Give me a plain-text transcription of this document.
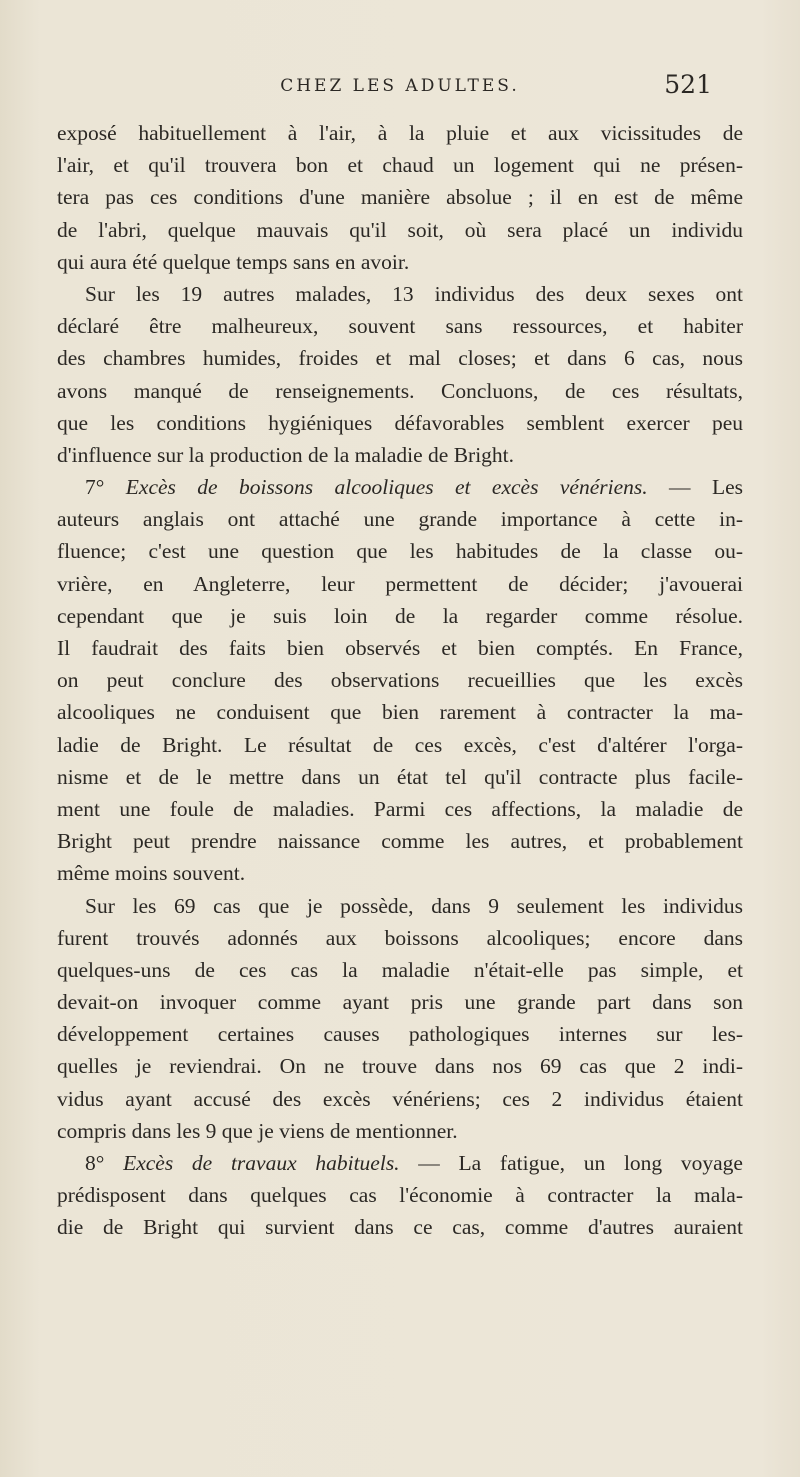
CHEZ LES ADULTES.	521
exposé habituellement à l'air, à la pluie et aux vicissitudes de
l'air, et qu'il trouvera bon et chaud un logement qui ne présen-
tera pas ces conditions d'une manière absolue ; il en est de même
de l'abri, quelque mauvais qu'il soit, où sera placé un individu
qui aura été quelque temps sans en avoir.
Sur les 19 autres malades, 13 individus des deux sexes ont
déclaré être malheureux, souvent sans ressources, et habiter
des chambres humides, froides et mal closes; et dans 6 cas, nous
avons manqué de renseignements. Concluons, de ces résultats,
que les conditions hygiéniques défavorables semblent exercer peu
d'influence sur la production de la maladie de Bright.
7° Excès de boissons alcooliques et excès vénériens. — Les
auteurs anglais ont attaché une grande importance à cette in-
fluence; c'est une question que les habitudes de la classe ou-
vrière, en Angleterre, leur permettent de décider; j'avouerai
cependant que je suis loin de la regarder comme résolue.
Il faudrait des faits bien observés et bien comptés. En France,
on peut conclure des observations recueillies que les excès
alcooliques ne conduisent que bien rarement à contracter la ma-
ladie de Bright. Le résultat de ces excès, c'est d'altérer l'orga-
nisme et de le mettre dans un état tel qu'il contracte plus facile-
ment une foule de maladies. Parmi ces affections, la maladie de
Bright peut prendre naissance comme les autres, et probablement
même moins souvent.
Sur les 69 cas que je possède, dans 9 seulement les individus
furent trouvés adonnés aux boissons alcooliques; encore dans
quelques-uns de ces cas la maladie n'était-elle pas simple, et
devait-on invoquer comme ayant pris une grande part dans son
développement certaines causes pathologiques internes sur les-
quelles je reviendrai. On ne trouve dans nos 69 cas que 2 indi-
vidus ayant accusé des excès vénériens; ces 2 individus étaient
compris dans les 9 que je viens de mentionner.
8° Excès de travaux habituels. — La fatigue, un long voyage
prédisposent dans quelques cas l'économie à contracter la mala-
die de Bright qui survient dans ce cas, comme d'autres auraient
